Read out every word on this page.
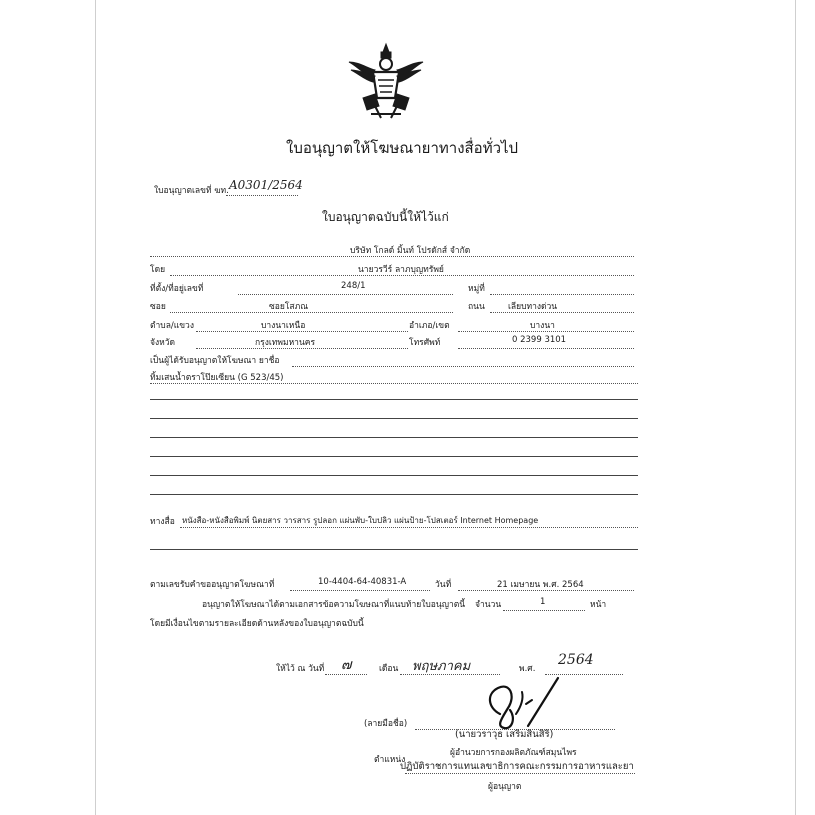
ใบอนุญาตให้โฆษณายาทางสื่อทั่วไป
ใบอนุญาตเลขที่ ฆท. A0301/2564
ใบอนุญาตฉบับนี้ให้ไว้แก่
บริษัท โกลด์ มิ้นท์ โปรดักส์ จำกัด
โดย	นายวรวีร์ ลาภบุญทรัพย์
ที่ตั้ง/ที่อยู่เลขที่	248/1	หมู่ที่
ซอย	ซอยโสภณ	ถนน	เลียบทางด่วน
ตำบล/แขวง	บางนาเหนือ	อำเภอ/เขต	บางนา
จังหวัด	กรุงเทพมหานคร	โทรศัพท์	0 2399 3101
เป็นผู้ได้รับอนุญาตให้โฆษณา ยาชื่อ
ทิ้มเสนน้ำตราโป๊ยเซียน (G 523/45)
ทางสื่อ หนังสือ-หนังสือพิมพ์ นิตยสาร วารสาร รูปลอก แผ่นพับ-ใบปลิว แผ่นป้าย-โปสเตอร์ Internet Homepage
ตามเลขรับคำขออนุญาตโฆษณาที่	10-4404-64-40831-A	วันที่	21 เมษายน พ.ศ. 2564
อนุญาตให้โฆษณาได้ตามเอกสารข้อความโฆษณาที่แนบท้ายใบอนุญาตนี้ จำนวน	1	หน้า
โดยมีเงื่อนไขตามรายละเอียดด้านหลังของใบอนุญาตฉบับนี้
ให้ไว้ ณ วันที่ ๗	เดือน พฤษภาคม	พ.ศ.
2564
(ลายมือชื่อ)
(นายวราวุธ เสริมสินสิริ)
ตำแหน่ง
ผู้อำนวยการกองผลิตภัณฑ์สมุนไพร
ปฏิบัติราชการแทนเลขาธิการคณะกรรมการอาหารและยา
ผู้อนุญาต
